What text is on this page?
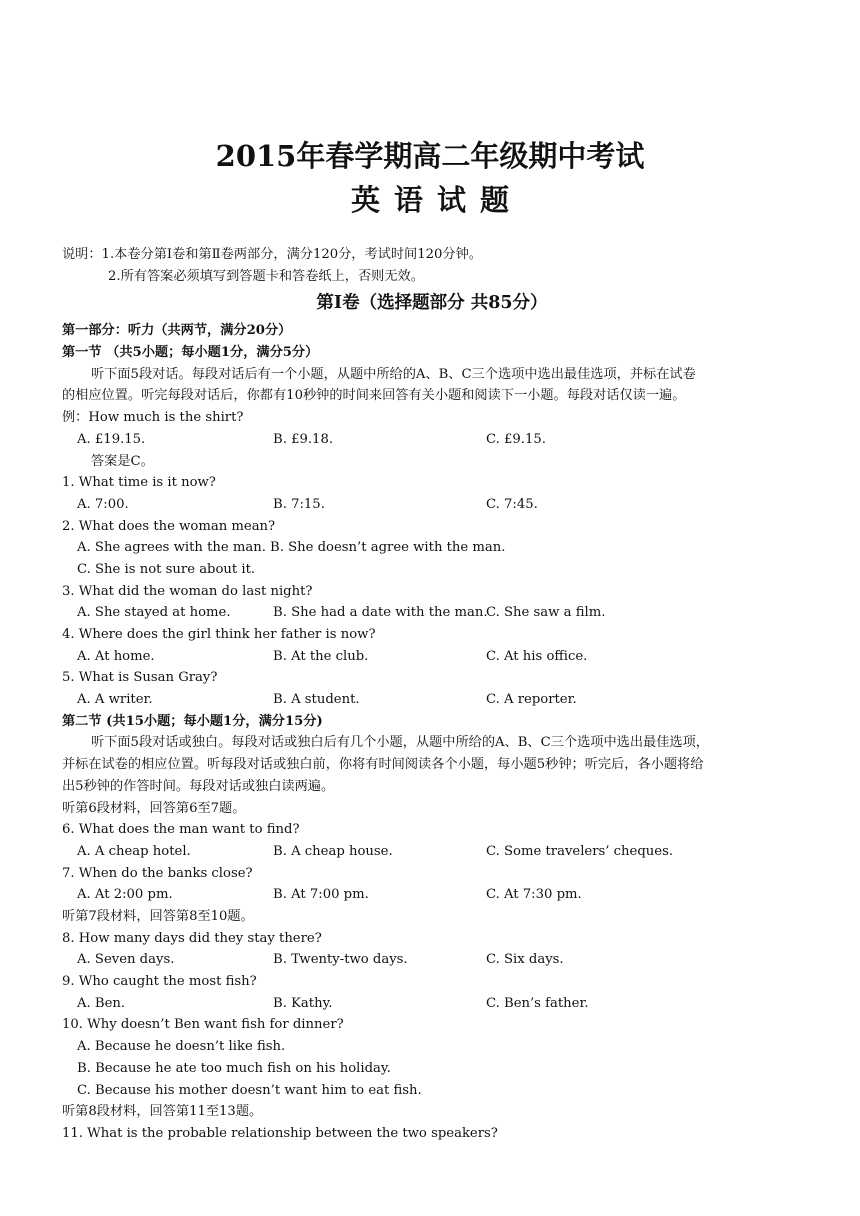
2015年春学期高二年级期中考试
英语试题
说明：1.本卷分第Ⅰ卷和第Ⅱ卷两部分，满分120分，考试时间120分钟。
2.所有答案必须填写到答题卡和答卷纸上，否则无效。
第Ⅰ卷（选择题部分 共85分）
第一部分：听力（共两节，满分20分）
第一节 （共5小题；每小题1分，满分5分）
听下面5段对话。每段对话后有一个小题，从题中所给的A、B、C三个选项中选出最佳选项，并标在试卷
的相应位置。听完每段对话后，你都有10秒钟的时间来回答有关小题和阅读下一小题。每段对话仅读一遍。
例：How much is the shirt?
A. £19.15.	B. £9.18.	C. £9.15.
答案是C。
1. What time is it now?
A. 7:00.	B. 7:15.	C. 7:45.
2. What does the woman mean?
A. She agrees with the man. B. She doesn’t agree with the man.
C. She is not sure about it.
3. What did the woman do last night?
A. She stayed at home.	B. She had a date with the man.
C. She saw a film.
4. Where does the girl think her father is now?
A. At home.	B. At the club.	C. At his office.
5. What is Susan Gray?
A. A writer.	B. A student.	C. A reporter.
第二节 (共15小题；每小题1分，满分15分)
听下面5段对话或独白。每段对话或独白后有几个小题，从题中所给的A、B、C三个选项中选出最佳选项，
并标在试卷的相应位置。听每段对话或独白前，你将有时间阅读各个小题，每小题5秒钟；听完后，各小题将给
出5秒钟的作答时间。每段对话或独白读两遍。
听第6段材料，回答第6至7题。
6. What does the man want to find?
A. A cheap hotel.	B. A cheap house.	C. Some travelers’ cheques.
7. When do the banks close?
A. At 2:00 pm.	B. At 7:00 pm.	C. At 7:30 pm.
听第7段材料，回答第8至10题。
8. How many days did they stay there?
A. Seven days.	B. Twenty-two days.	C. Six days.
9. Who caught the most fish?
A. Ben.	B. Kathy.	C. Ben’s father.
10. Why doesn’t Ben want fish for dinner?
A. Because he doesn’t like fish.
B. Because he ate too much fish on his holiday.
C. Because his mother doesn’t want him to eat fish.
听第8段材料，回答第11至13题。
11. What is the probable relationship between the two speakers?
